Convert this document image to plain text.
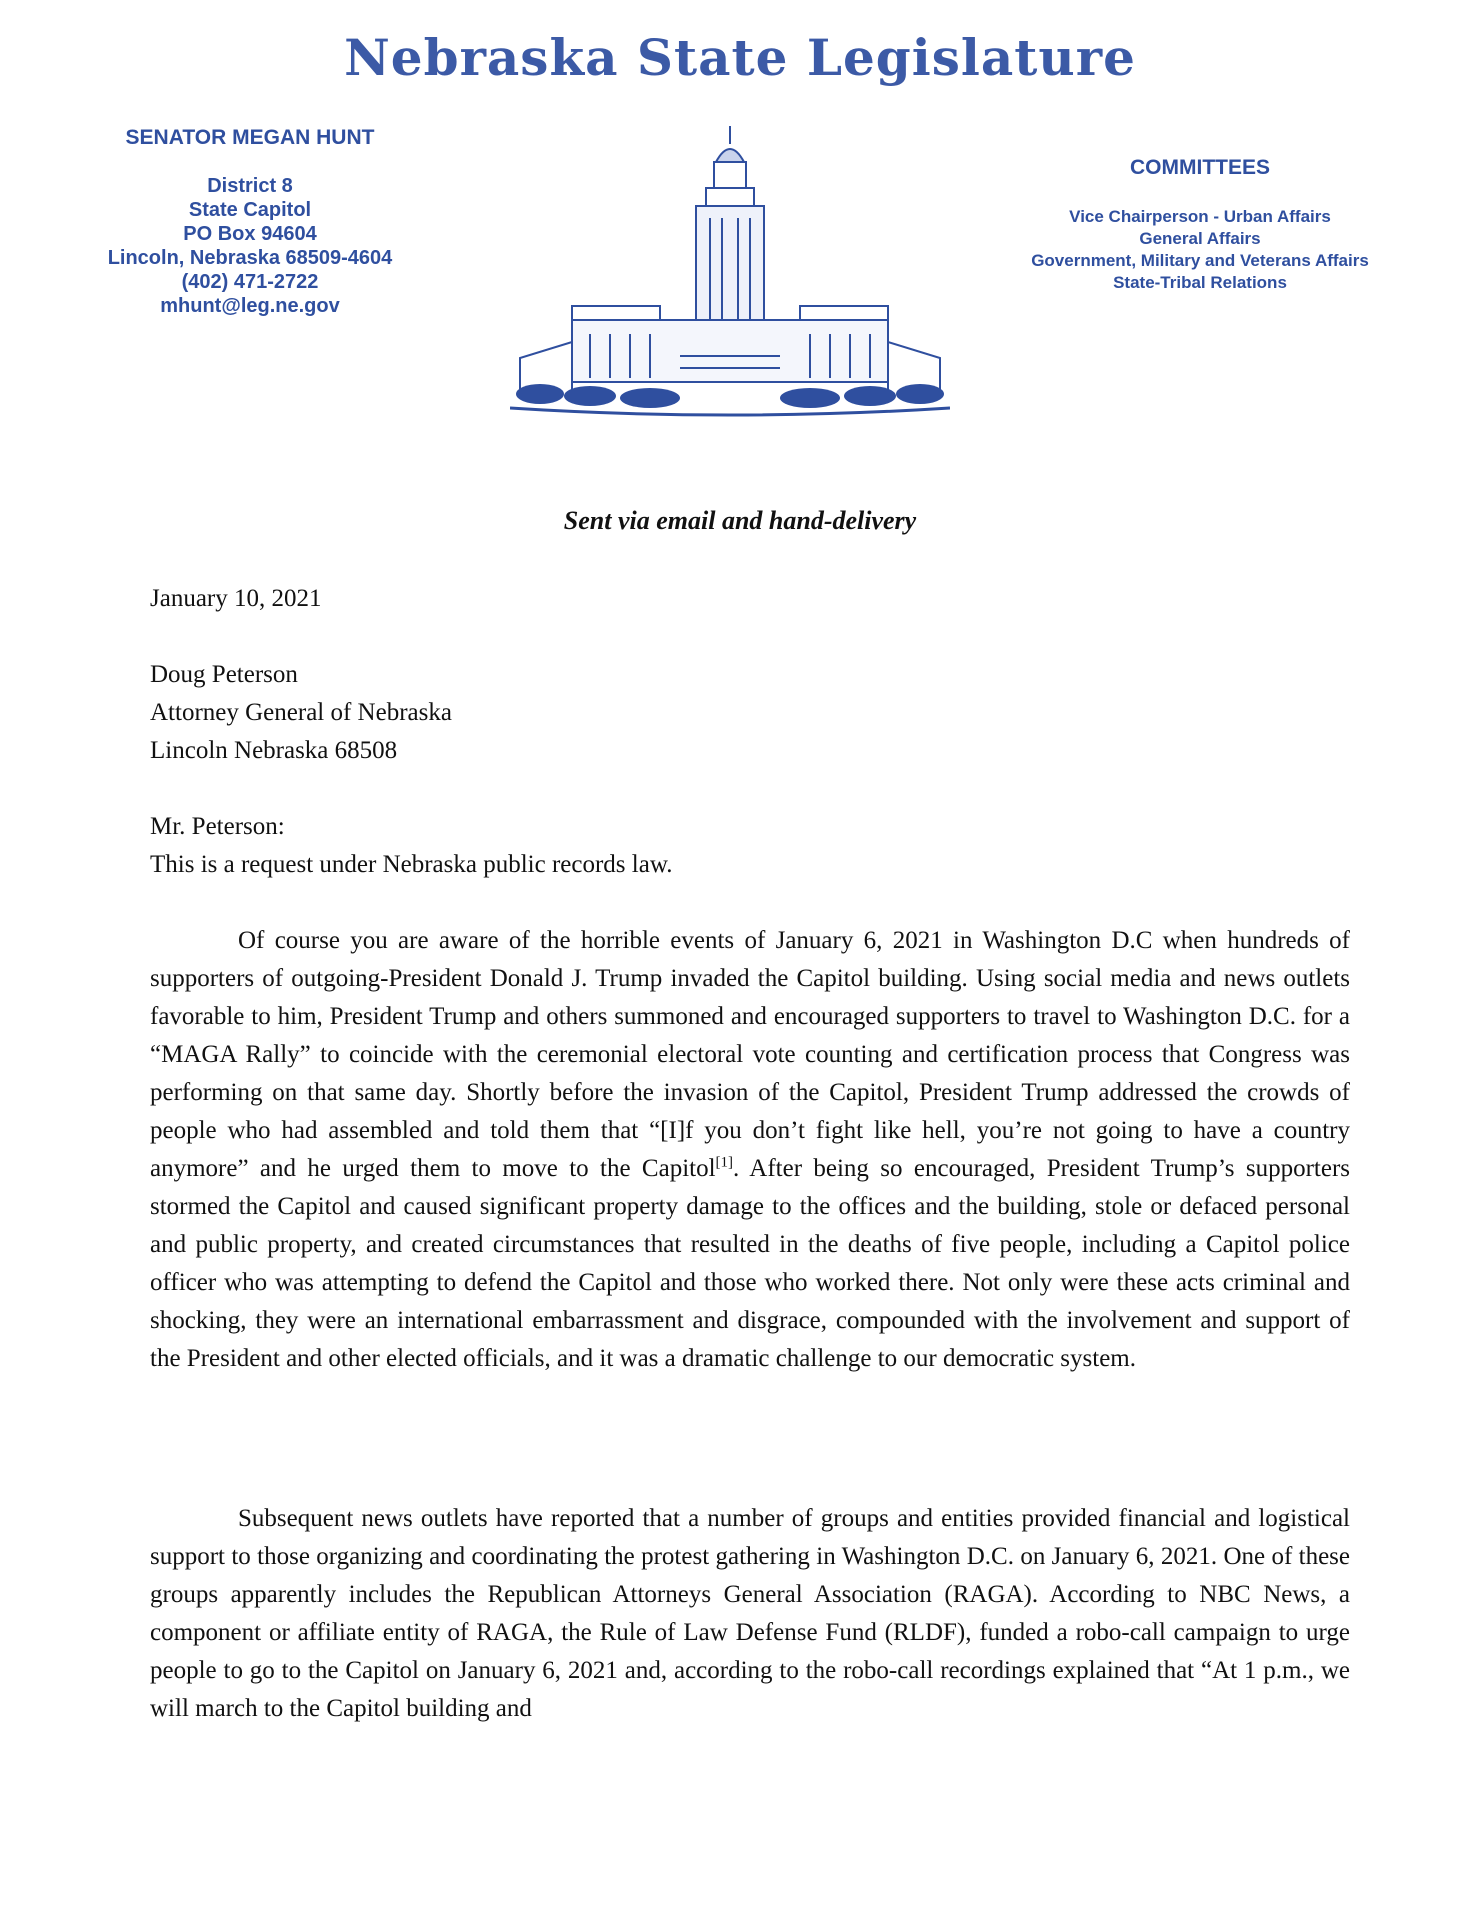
Nebraska State Legislature
SENATOR MEGAN HUNT
District 8
State Capitol
PO Box 94604
Lincoln, Nebraska 68509-4604
(402) 471-2722
mhunt@leg.ne.gov
COMMITTEES
Vice Chairperson - Urban Affairs
General Affairs
Government, Military and Veterans Affairs
State-Tribal Relations
Sent via email and hand-delivery
January 10, 2021
Doug Peterson
Attorney General of Nebraska
Lincoln Nebraska 68508
Mr. Peterson:
This is a request under Nebraska public records law.

Of course you are aware of the horrible events of January 6, 2021 in Washington D.C when hundreds of supporters of outgoing-President Donald J. Trump invaded the Capitol building. Using social media and news outlets favorable to him, President Trump and others summoned and encouraged supporters to travel to Washington D.C. for a “MAGA Rally” to coincide with the ceremonial electoral vote counting and certification process that Congress was performing on that same day. Shortly before the invasion of the Capitol, President Trump addressed the crowds of people who had assembled and told them that “[I]f you don’t fight like hell, you’re not going to have a country anymore” and he urged them to move to the Capitol[1]. After being so encouraged, President Trump’s supporters stormed the Capitol and caused significant property damage to the offices and the building, stole or defaced personal and public property, and created circumstances that resulted in the deaths of five people, including a Capitol police officer who was attempting to defend the Capitol and those who worked there. Not only were these acts criminal and shocking, they were an international embarrassment and disgrace, compounded with the involvement and support of the President and other elected officials, and it was a dramatic challenge to our democratic system.

Subsequent news outlets have reported that a number of groups and entities provided financial and logistical support to those organizing and coordinating the protest gathering in Washington D.C. on January 6, 2021. One of these groups apparently includes the Republican Attorneys General Association (RAGA). According to NBC News, a component or affiliate entity of RAGA, the Rule of Law Defense Fund (RLDF), funded a robo-call campaign to urge people to go to the Capitol on January 6, 2021 and, according to the robo-call recordings explained that “At 1 p.m., we will march to the Capitol building and
